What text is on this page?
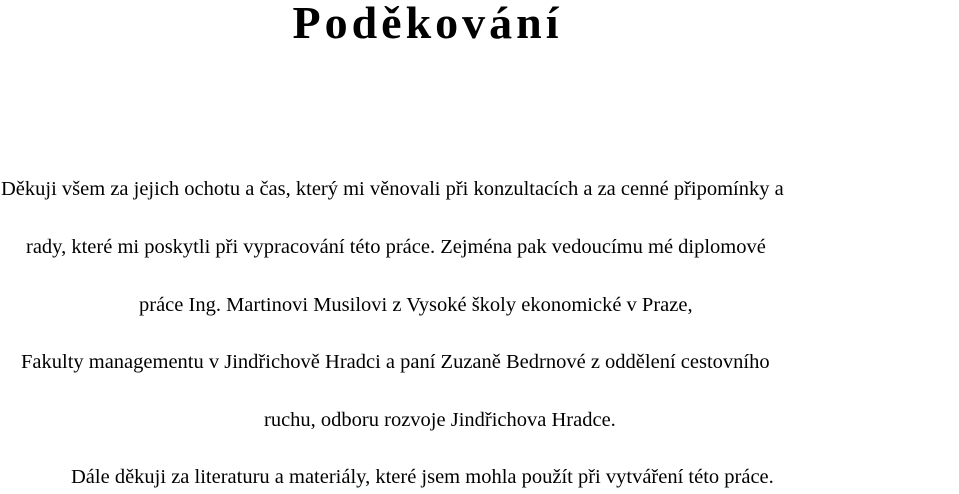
Poděkování
Děkuji všem za jejich ochotu a čas, který mi věnovali při konzultacích a za cenné připomínky a
rady, které mi poskytli při vypracování této práce. Zejména pak vedoucímu mé diplomové
práce Ing. Martinovi Musilovi z Vysoké školy ekonomické v Praze,
Fakulty managementu v Jindřichově Hradci a paní Zuzaně Bedrnové z oddělení cestovního
ruchu, odboru rozvoje Jindřichova Hradce.
Dále děkuji za literaturu a materiály, které jsem mohla použít při vytváření této práce.
